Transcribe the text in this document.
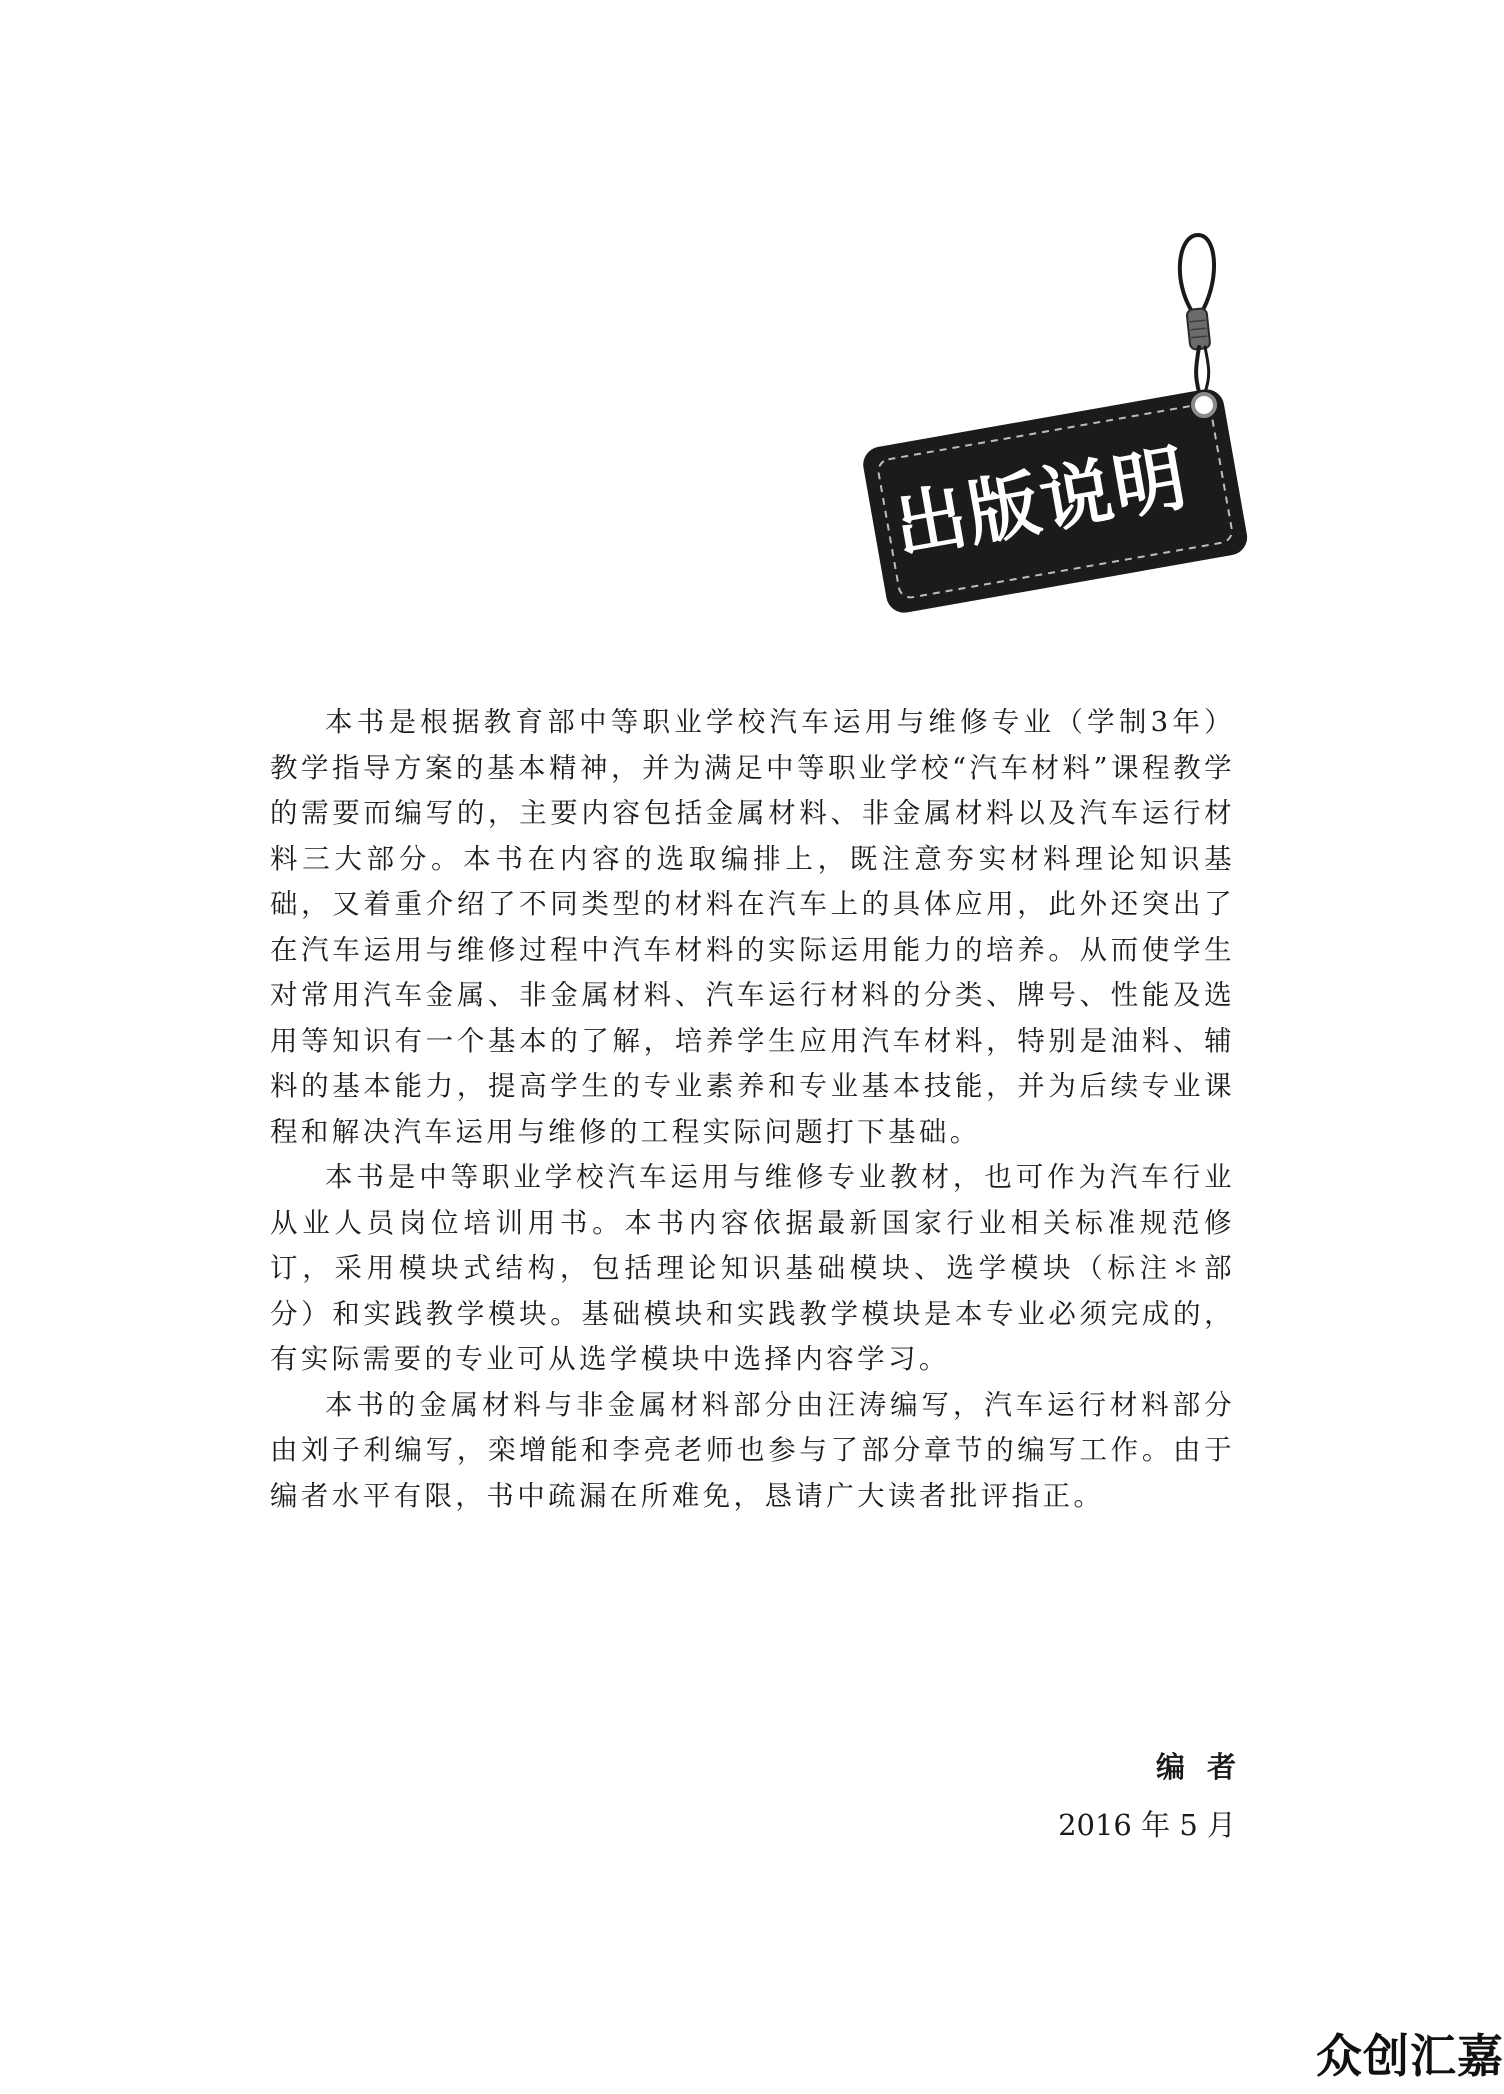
出版说明

本书是根据教育部中等职业学校汽车运用与维修专业（学制3年）教学指导方案的基本精神，并为满足中等职业学校“汽车材料”课程教学的需要而编写的，主要内容包括金属材料、非金属材料以及汽车运行材料三大部分。本书在内容的选取编排上，既注意夯实材料理论知识基础，又着重介绍了不同类型的材料在汽车上的具体应用，此外还突出了在汽车运用与维修过程中汽车材料的实际运用能力的培养。从而使学生对常用汽车金属、非金属材料、汽车运行材料的分类、牌号、性能及选用等知识有一个基本的了解，培养学生应用汽车材料，特别是油料、辅料的基本能力，提高学生的专业素养和专业基本技能，并为后续专业课程和解决汽车运用与维修的工程实际问题打下基础。

本书是中等职业学校汽车运用与维修专业教材，也可作为汽车行业从业人员岗位培训用书。本书内容依据最新国家行业相关标准规范修订，采用模块式结构，包括理论知识基础模块、选学模块（标注＊部分）和实践教学模块。基础模块和实践教学模块是本专业必须完成的，有实际需要的专业可从选学模块中选择内容学习。

本书的金属材料与非金属材料部分由汪涛编写，汽车运行材料部分由刘子利编写，栾增能和李亮老师也参与了部分章节的编写工作。由于编者水平有限，书中疏漏在所难免，恳请广大读者批评指正。

编者
2016 年 5 月
众创汇嘉
